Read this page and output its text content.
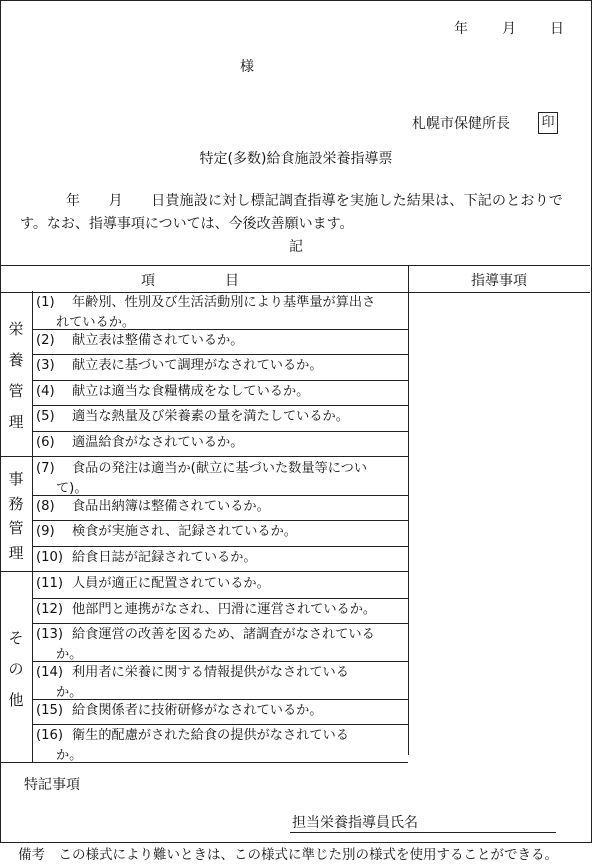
年 月 日
様
札幌市保健所長 印
特定(多数)給食施設栄養指導票
年　　月　　日貴施設に対し標記調査指導を実施した結果は、下記のとおりで
す。なお、指導事項については、今後改善願います。
記
項　目	指導事項
栄
養
管
理
(1) 年齢別、性別及び生活活動別により基準量が算出さ
れているか。
(2) 献立表は整備されているか。
(3) 献立表に基づいて調理がなされているか。
(4) 献立は適当な食糧構成をなしているか。
(5) 適当な熱量及び栄養素の量を満たしているか。
(6) 適温給食がなされているか。
事
務
管
理
(7) 食品の発注は適当か(献立に基づいた数量等につい
て)。
(8) 食品出納簿は整備されているか。
(9) 検食が実施され、記録されているか。
(10) 給食日誌が記録されているか。
そ
の
他
(11) 人員が適正に配置されているか。
(12) 他部門と連携がなされ、円滑に運営されているか。
(13) 給食運営の改善を図るため、諸調査がなされている
か。
(14) 利用者に栄養に関する情報提供がなされている
か。
(15) 給食関係者に技術研修がなされているか。
(16) 衛生的配慮がされた給食の提供がなされている
か。
特記事項
担当栄養指導員氏名
備考　この様式により難いときは、この様式に準じた別の様式を使用することができる。
